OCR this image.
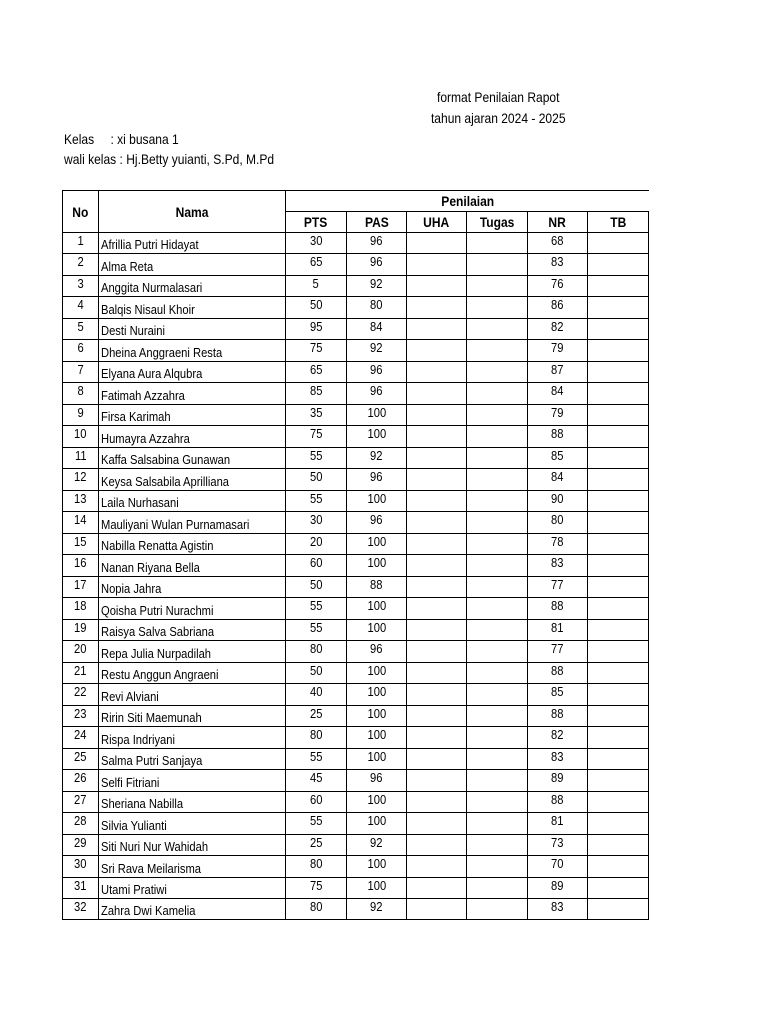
format Penilaian Rapot
tahun ajaran 2024 - 2025
Kelas : xi busana 1
wali kelas : Hj.Betty yuianti, S.Pd, M.Pd
No	Nama	Penilaian					
		PTS	PAS	UHA	Tugas	NR	TB
1	Afrillia Putri Hidayat	30	96			68	
2	Alma Reta	65	96			83	
3	Anggita Nurmalasari	5	92			76	
4	Balqis Nisaul Khoir	50	80			86	
5	Desti Nuraini	95	84			82	
6	Dheina Anggraeni Resta	75	92			79	
7	Elyana Aura Alqubra	65	96			87	
8	Fatimah Azzahra	85	96			84	
9	Firsa Karimah	35	100			79	
10	Humayra Azzahra	75	100			88	
11	Kaffa Salsabina Gunawan	55	92			85	
12	Keysa Salsabila Aprilliana	50	96			84	
13	Laila Nurhasani	55	100			90	
14	Mauliyani Wulan Purnamasari	30	96			80	
15	Nabilla Renatta Agistin	20	100			78	
16	Nanan Riyana Bella	60	100			83	
17	Nopia Jahra	50	88			77	
18	Qoisha Putri Nurachmi	55	100			88	
19	Raisya Salva Sabriana	55	100			81	
20	Repa Julia Nurpadilah	80	96			77	
21	Restu Anggun Angraeni	50	100			88	
22	Revi Alviani	40	100			85	
23	Ririn Siti Maemunah	25	100			88	
24	Rispa Indriyani	80	100			82	
25	Salma Putri Sanjaya	55	100			83	
26	Selfi Fitriani	45	96			89	
27	Sheriana Nabilla	60	100			88	
28	Silvia Yulianti	55	100			81	
29	Siti Nuri Nur Wahidah	25	92			73	
30	Sri Rava Meilarisma	80	100			70	
31	Utami Pratiwi	75	100			89	
32	Zahra Dwi Kamelia	80	92			83	
